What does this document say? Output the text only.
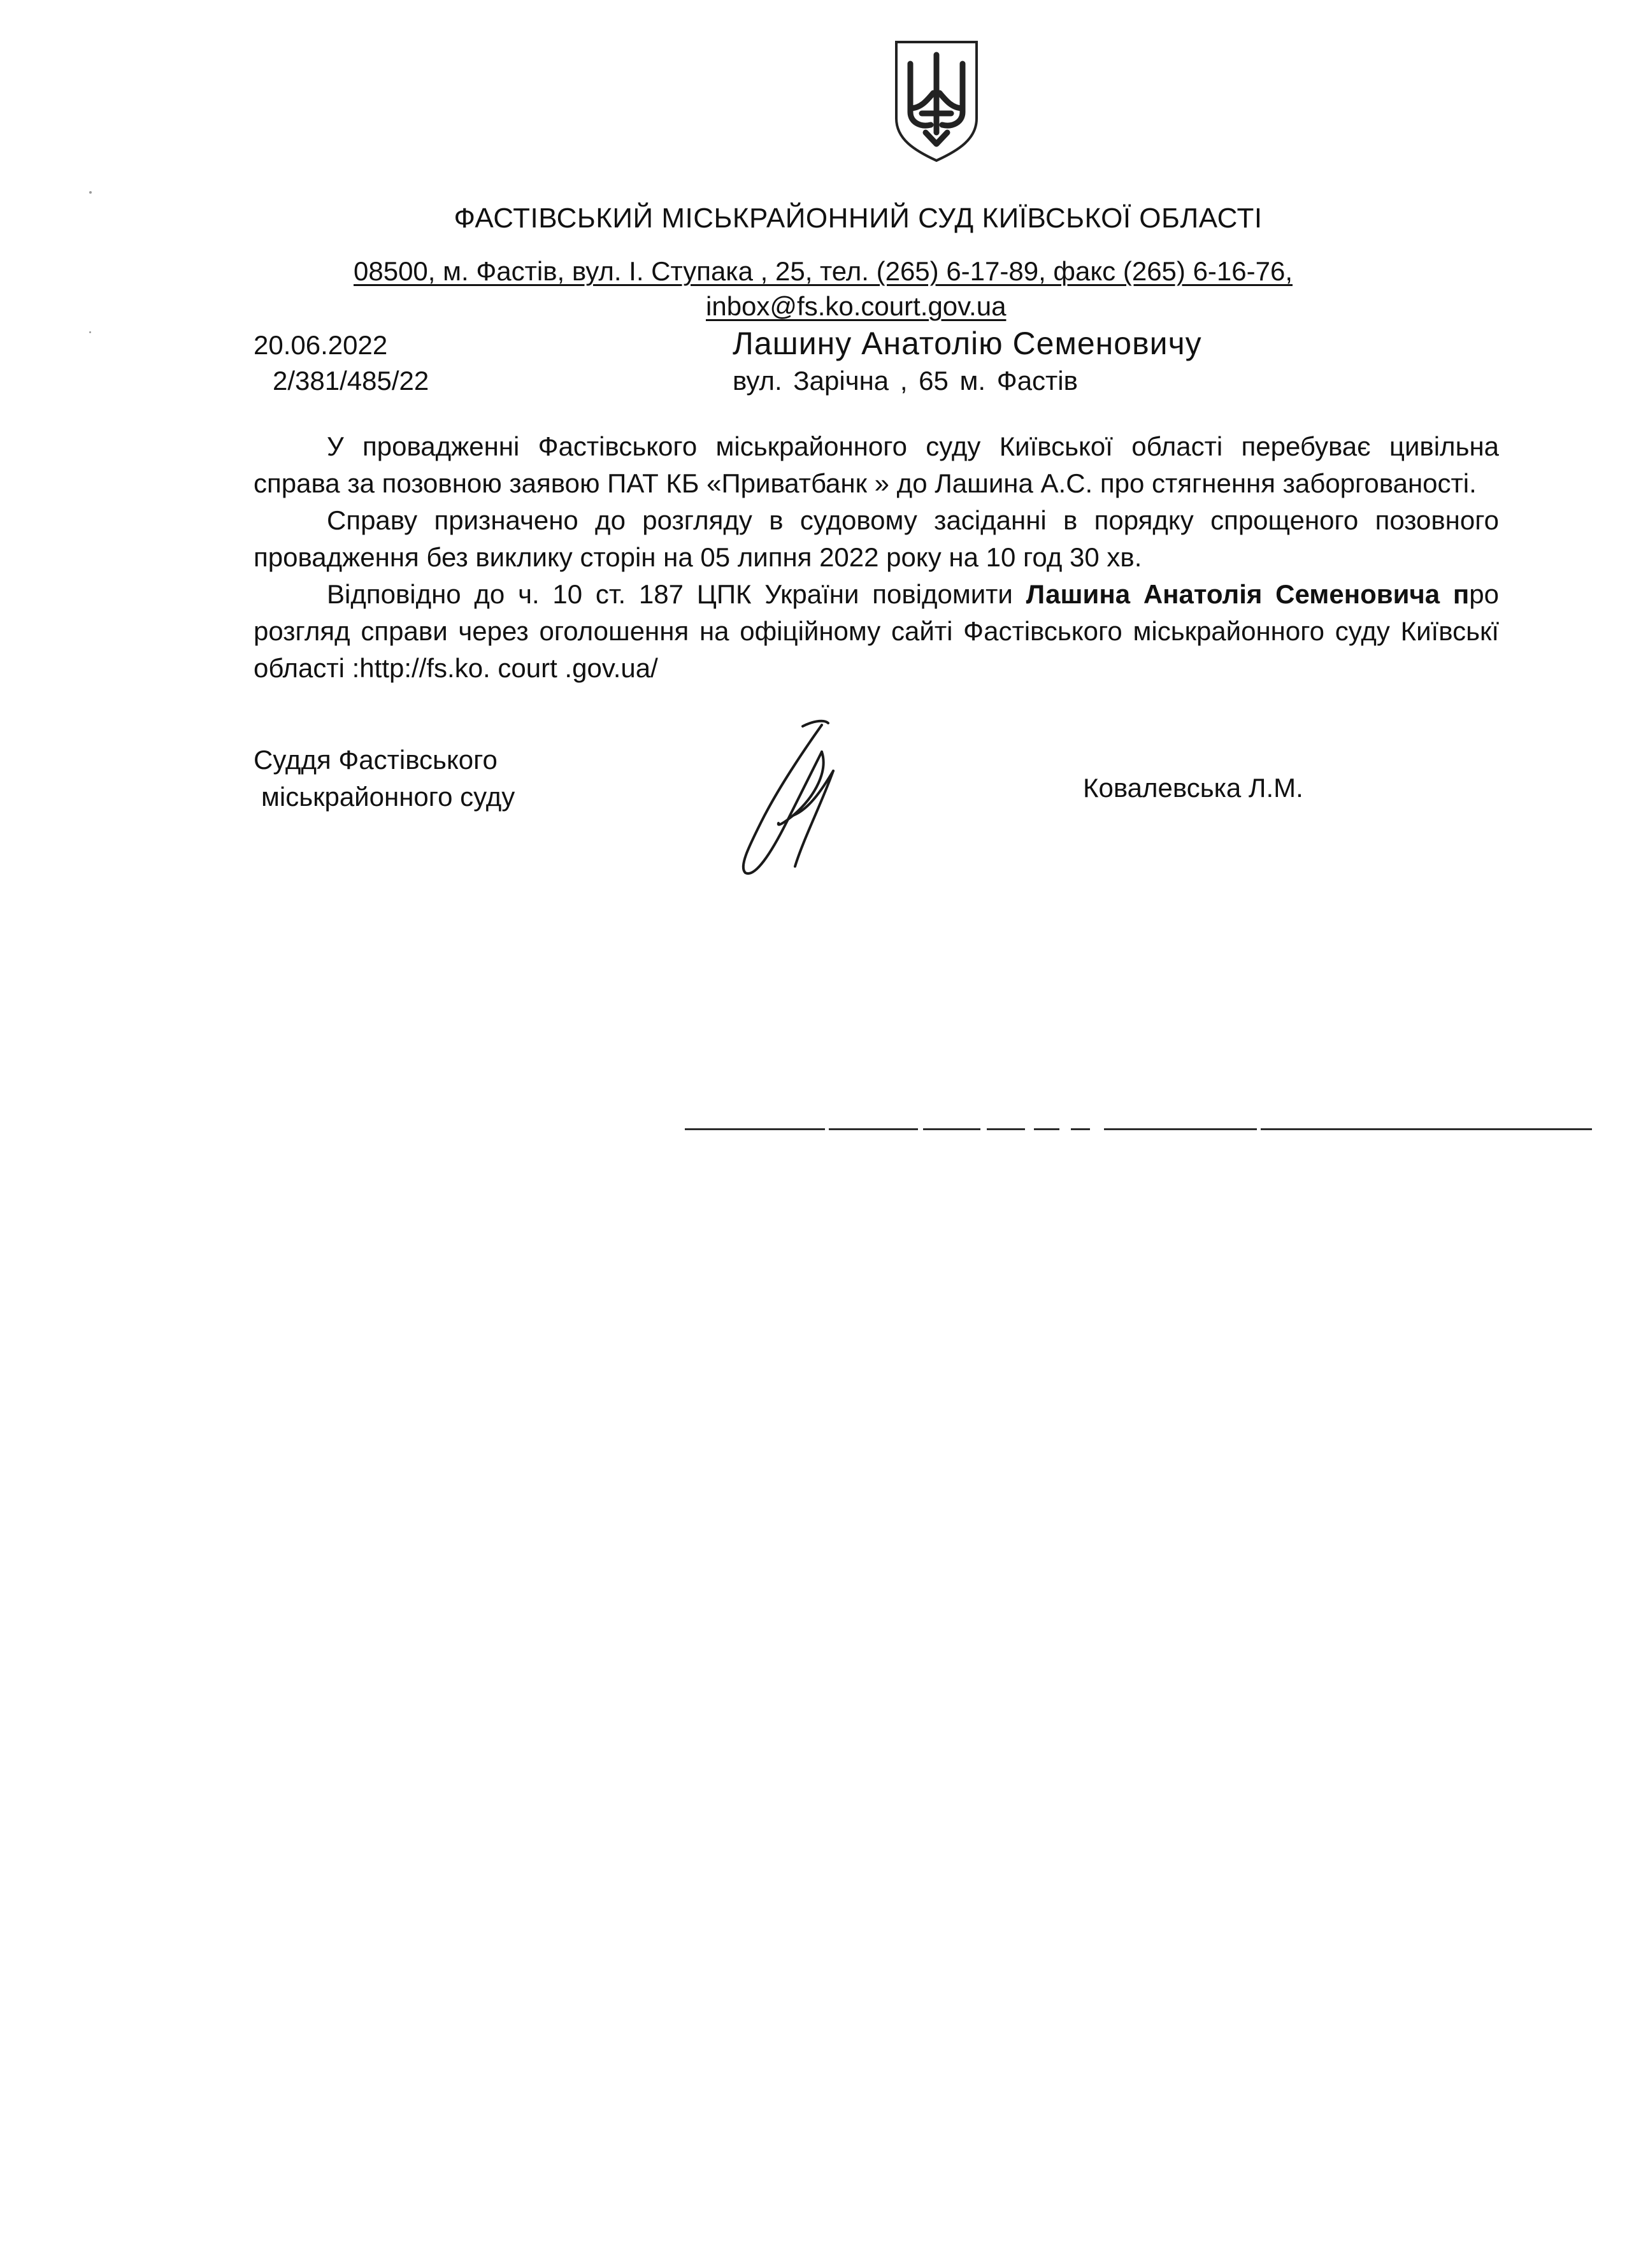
ФАСТІВСЬКИЙ МІСЬКРАЙОННИЙ СУД КИЇВСЬКОЇ ОБЛАСТІ
08500, м. Фастів, вул. І. Ступака , 25, тел. (265) 6-17-89, факс (265) 6-16-76,
inbox@fs.ko.court.gov.ua
20.06.2022
2/381/485/22
Лашину Анатолію Семеновичу
вул. Зарічна , 65 м. Фастів

У провадженні Фастівського міськрайонного суду Київської області перебуває цивільна справа за позовною заявою ПАТ КБ «Приватбанк » до Лашина А.С. про стягнення заборгованості.

Справу призначено до розгляду в судовому засіданні в порядку спрощеного позовного провадження без виклику сторін на 05 липня 2022 року на 10 год 30 хв.

Відповідно до ч. 10 ст. 187 ЦПК України повідомити Лашина Анатолія Семеновича про розгляд справи через оголошення на офіційному сайті Фастівського міськрайонного суду Київськї області :http://fs.ko. court .gov.ua/

Суддя Фастівського
міськрайонного суду	Ковалевська Л.М.
